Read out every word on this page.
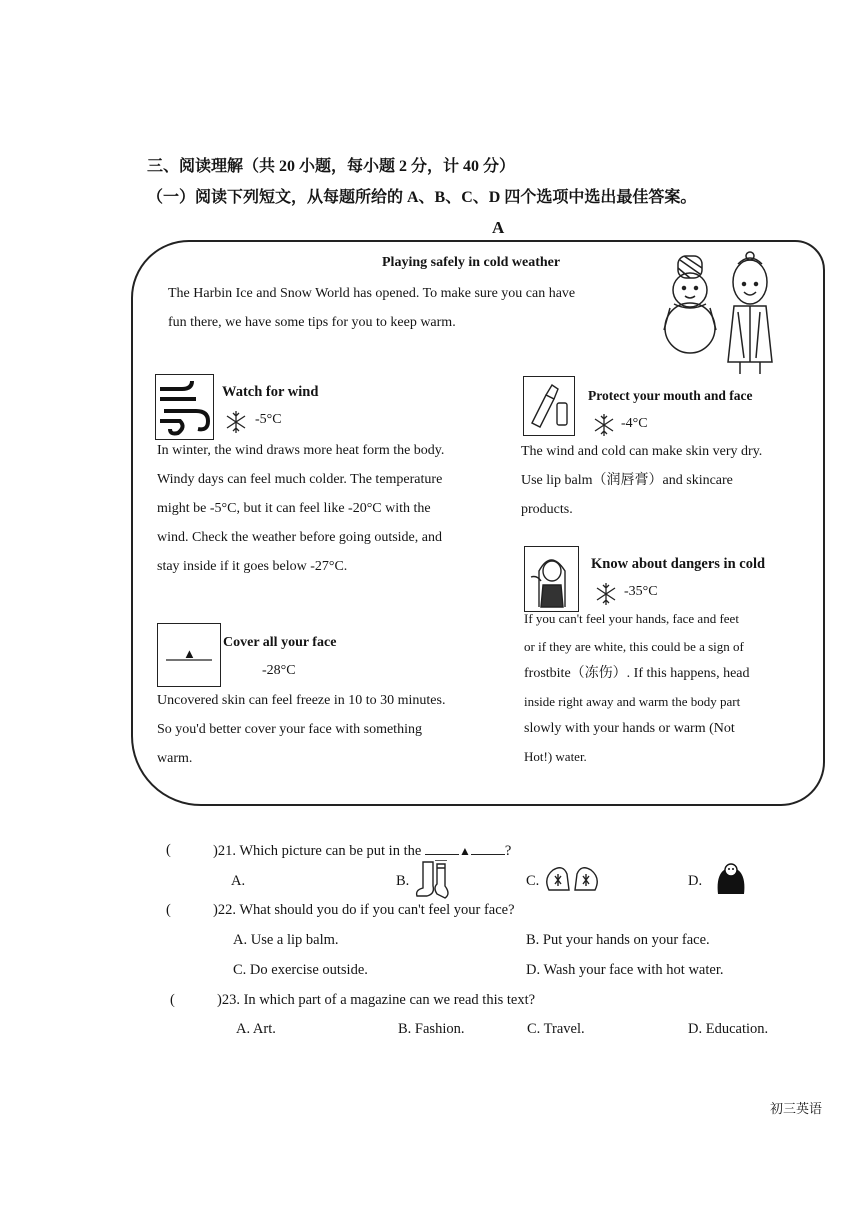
三、阅读理解（共 20 小题，每小题 2 分，计 40 分）
（一）阅读下列短文，从每题所给的 A、B、C、D 四个选项中选出最佳答案。
A
Playing safely in cold weather
The Harbin Ice and Snow World has opened. To make sure you can have
fun there, we have some tips for you to keep warm.
Watch for wind
-5°C
In winter, the wind draws more heat form the body.
Windy days can feel much colder. The temperature
might be -5°C, but it can feel like -20°C with the
wind. Check the weather before going outside, and
stay inside if it goes below -27°C.
Protect your mouth and face
-4°C
The wind and cold can make skin very dry.
Use lip balm（润唇膏）and skincare
products.
Know about dangers in cold
-35°C
If you can't feel your hands, face and feet
or if they are white, this could be a sign of
frostbite（冻伤）. If this happens, head
inside right away and warm the body part
slowly with your hands or warm (Not
Hot!) water.
▲
Cover all your face
-28°C
Uncovered skin can feel freeze in 10 to 30 minutes.
So you'd better cover your face with something
warm.
(	)21. Which picture can be put in the	▲ ?
A.	B.	C.	D.
(	)22. What should you do if you can't feel your face?
A. Use a lip balm.	B. Put your hands on your face.
C. Do exercise outside.	D. Wash your face with hot water.
(	)23. In which part of a magazine can we read this text?
A. Art.	B. Fashion.	C. Travel.	D. Education.
初三英语
